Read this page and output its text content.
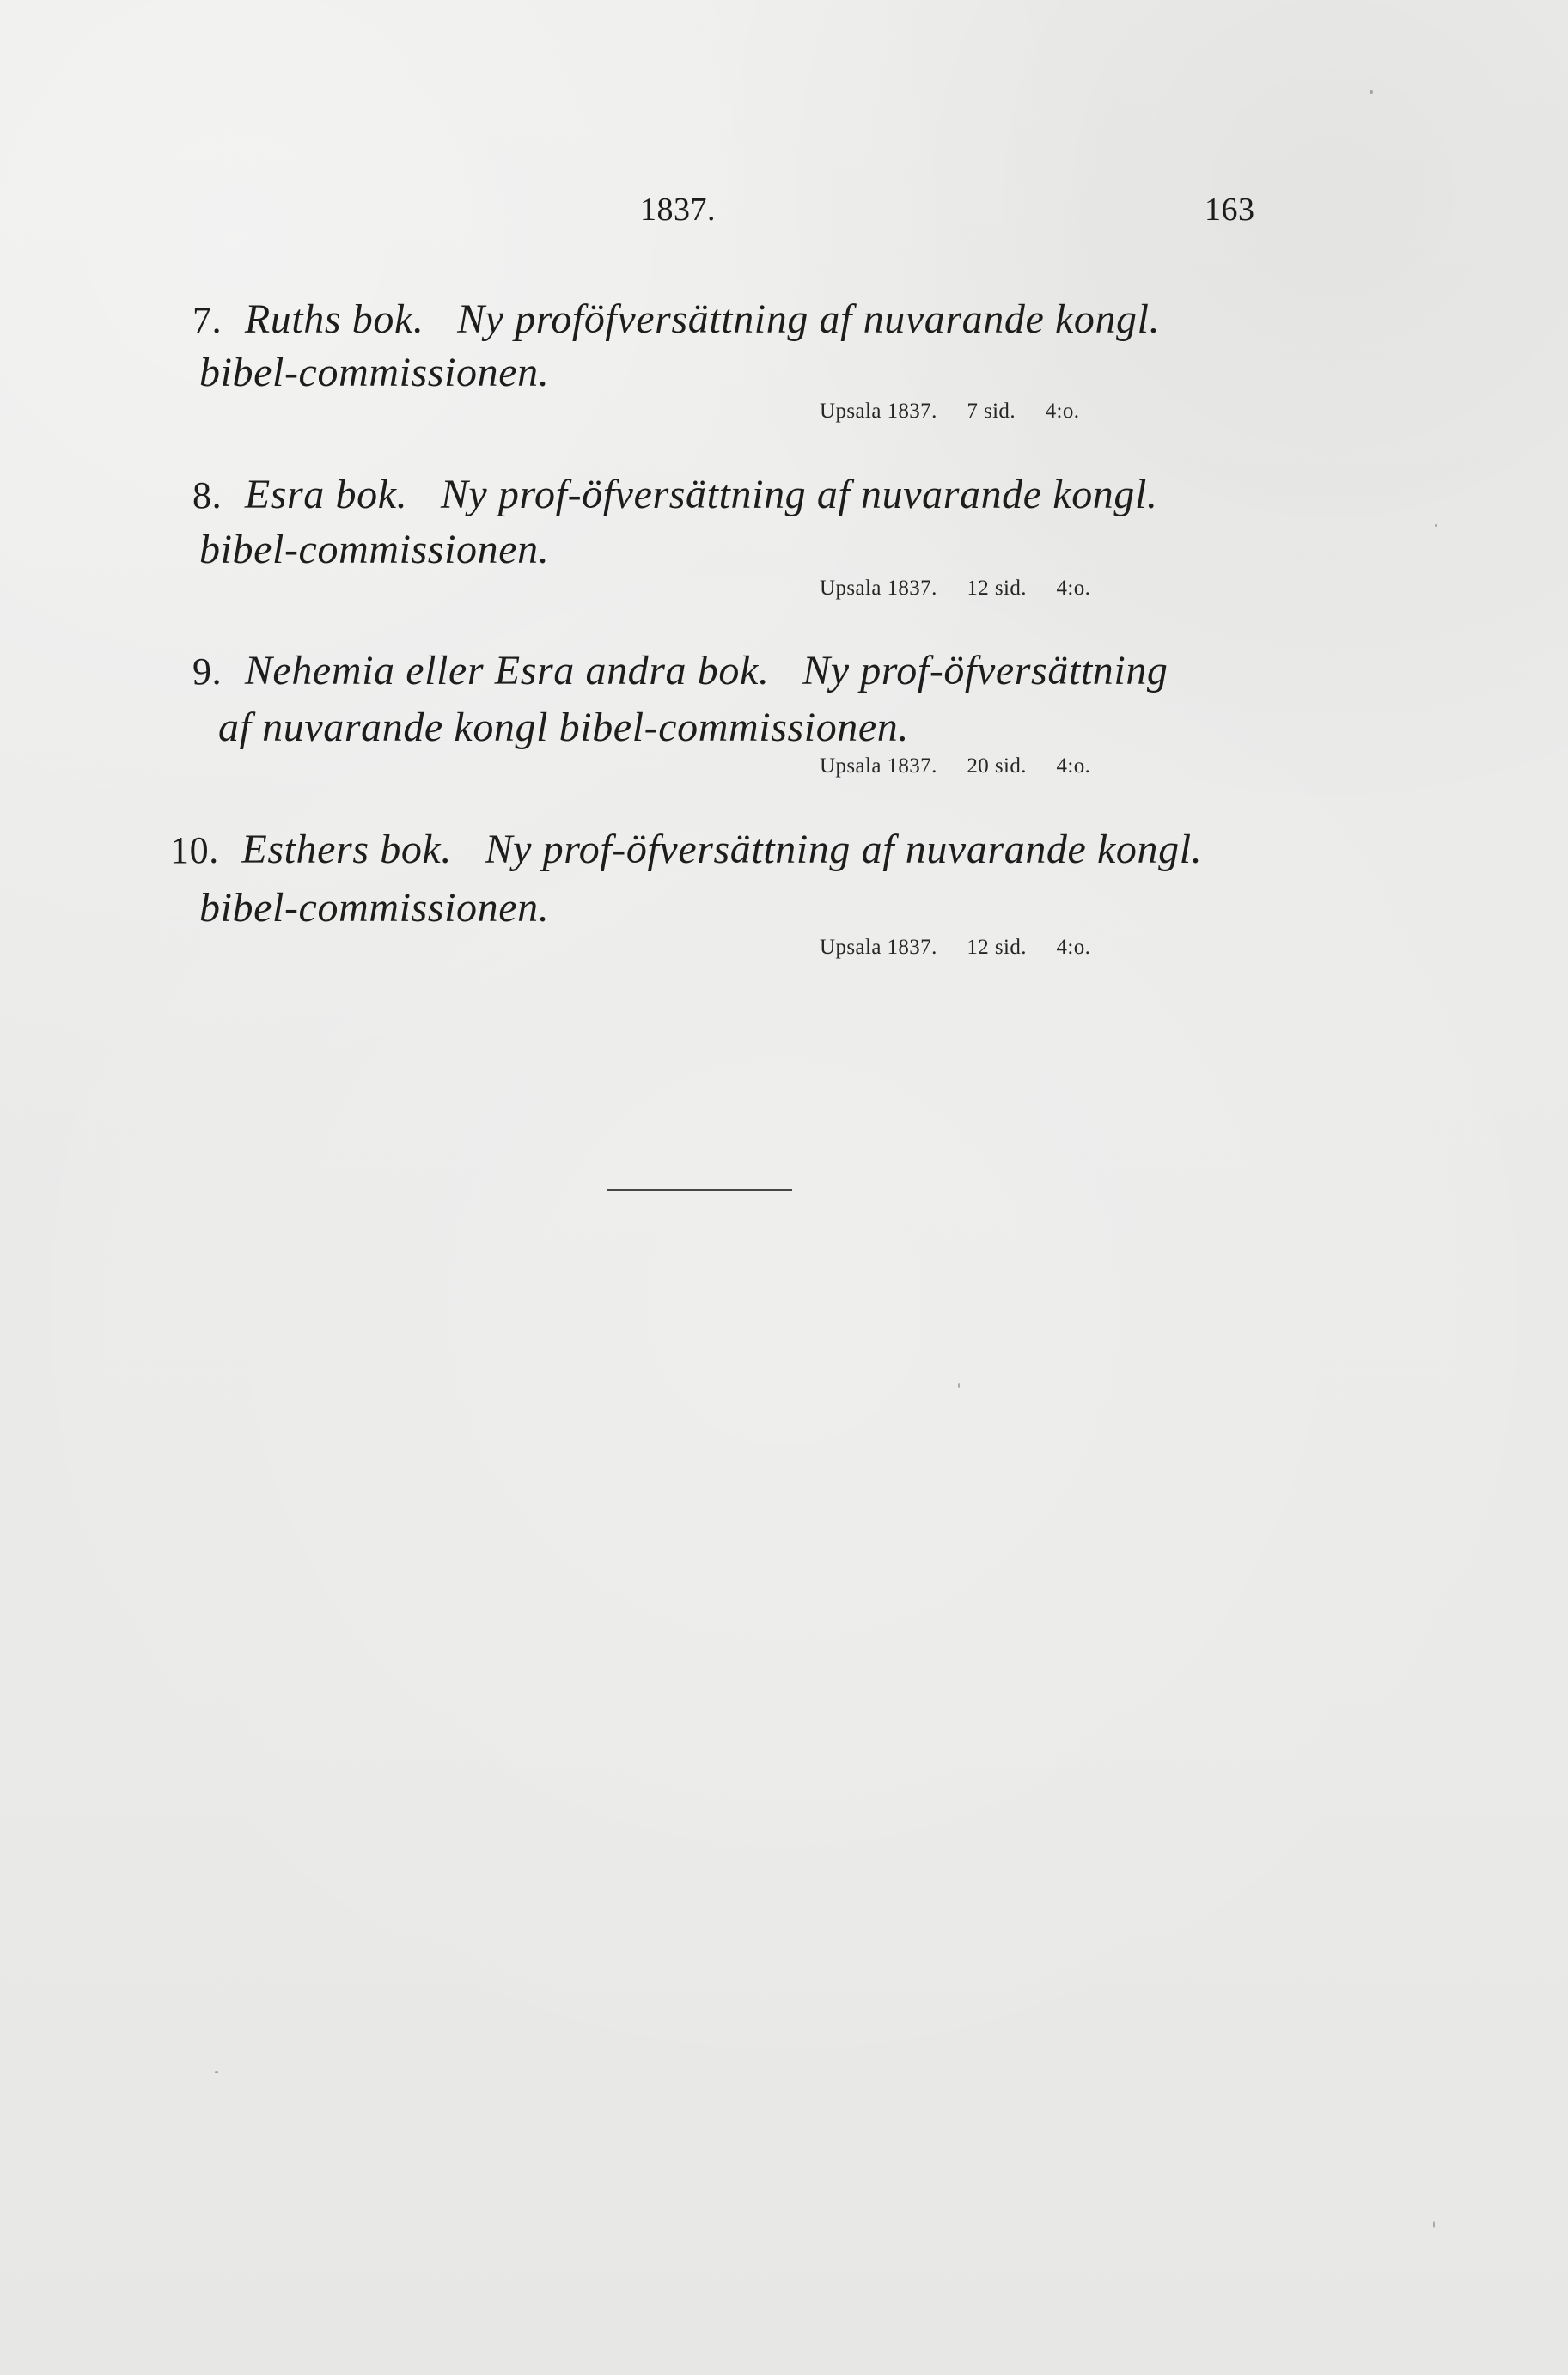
1837.	163
7. Ruths bok. Ny proföfversättning af nuvarande kongl.
bibel-commissionen.
Upsala 1837. 7 sid. 4:o.
8. Esra bok. Ny prof-öfversättning af nuvarande kongl.
bibel-commissionen.
Upsala 1837. 12 sid. 4:o.
9. Nehemia eller Esra andra bok. Ny prof-öfversättning
af nuvarande kongl bibel-commissionen.
Upsala 1837. 20 sid. 4:o.
10. Esthers bok. Ny prof-öfversättning af nuvarande kongl.
bibel-commissionen.
Upsala 1837. 12 sid. 4:o.
